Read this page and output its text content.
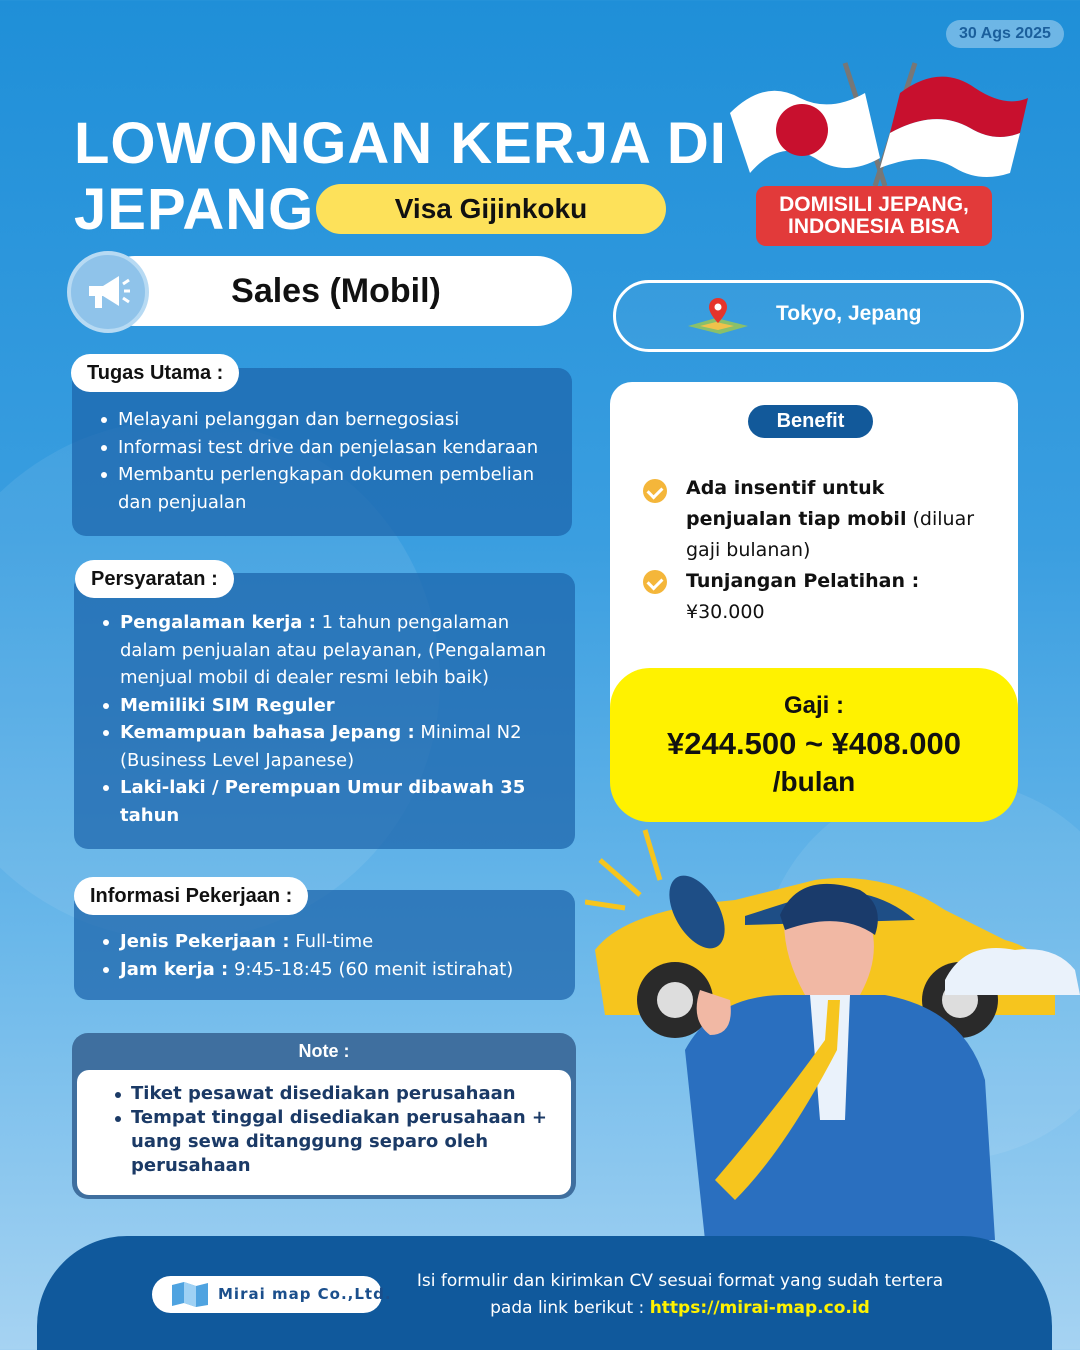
30 Ags 2025
LOWONGAN KERJA DI
JEPANG	Visa Gijinkoku	DOMISILI JEPANG,
INDONESIA BISA
Sales (Mobil)
Tokyo, Jepang
Melayani pelanggan dan bernegosiasi
Informasi test drive dan penjelasan kendaraan
Membantu perlengkapan dokumen pembelian dan penjualan
Tugas Utama :
Pengalaman kerja : 1 tahun pengalaman dalam penjualan atau pelayanan, (Pengalaman menjual mobil di dealer resmi lebih baik)
Memiliki SIM Reguler
Kemampuan bahasa Jepang : Minimal N2 (Business Level Japanese)
Laki-laki / Perempuan Umur dibawah 35 tahun
Persyaratan :
Jenis Pekerjaan : Full-time
Jam kerja : 9:45-18:45 (60 menit istirahat)
Informasi Pekerjaan :
Note :
Tiket pesawat disediakan perusahaan
Tempat tinggal disediakan perusahaan + uang sewa ditanggung separo oleh perusahaan
Benefit
Ada insentif untuk penjualan tiap mobil (diluar gaji bulanan)
Tunjangan Pelatihan :
¥30.000
Gaji :
¥244.500 ~ ¥408.000
/bulan
Mirai map Co.,Ltd.
Isi formulir dan kirimkan CV sesuai format yang sudah tertera
pada link berikut : https://mirai-map.co.id
